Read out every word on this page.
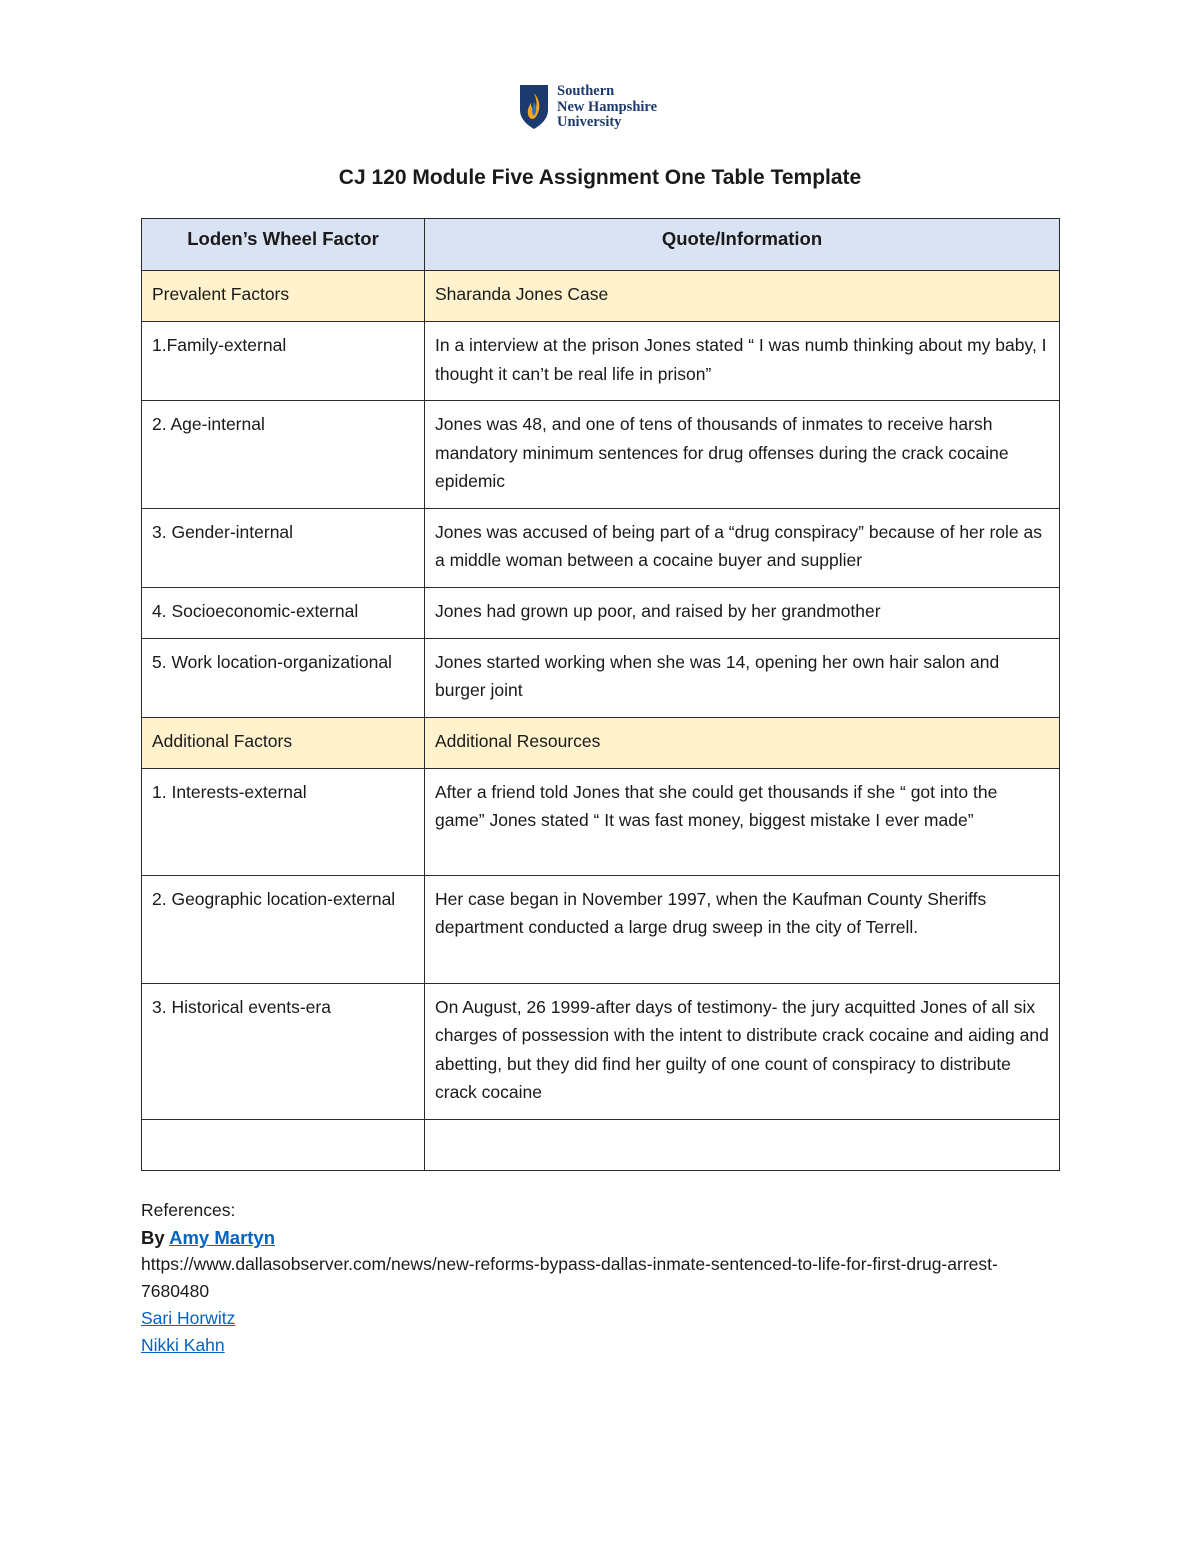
Southern
New Hampshire
University
CJ 120 Module Five Assignment One Table Template
Loden’s Wheel Factor	Quote/Information
Prevalent Factors	Sharanda Jones Case
1.Family-external	In a interview at the prison Jones stated “ I was numb thinking about my baby, I thought it can’t be real life in prison”
2. Age-internal	Jones was 48, and one of tens of thousands of inmates to receive harsh mandatory minimum sentences for drug offenses during the crack cocaine epidemic
3. Gender-internal	Jones was accused of being part of a “drug conspiracy” because of her role as a middle woman between a cocaine buyer and supplier
4. Socioeconomic-external	Jones had grown up poor, and raised by her grandmother
5. Work location-organizational	Jones started working when she was 14, opening her own hair salon and burger joint
Additional Factors	Additional Resources
1. Interests-external	After a friend told Jones that she could get thousands if she “ got into the game” Jones stated “ It was fast money, biggest mistake I ever made”
2. Geographic location-external	Her case began in November 1997, when the Kaufman County Sheriffs department conducted a large drug sweep in the city of Terrell.
3. Historical events-era	On August, 26 1999-after days of testimony- the jury acquitted Jones of all six charges of possession with the intent to distribute crack cocaine and aiding and abetting, but they did find her guilty of one count of conspiracy to distribute crack cocaine

References:
By Amy Martyn
https://www.dallasobserver.com/news/new-reforms-bypass-dallas-inmate-sentenced-to-life-for-first-drug-arrest-7680480
Sari Horwitz
Nikki Kahn
